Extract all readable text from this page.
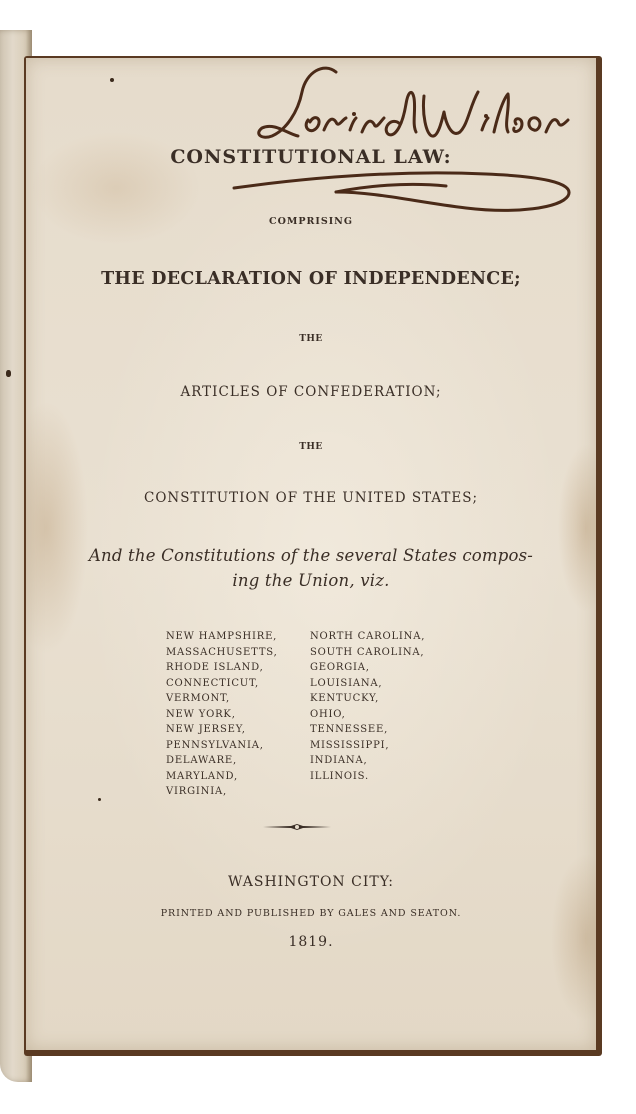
CONSTITUTIONAL LAW:
COMPRISING
THE DECLARATION OF INDEPENDENCE;
THE
ARTICLES OF CONFEDERATION;
THE
CONSTITUTION OF THE UNITED STATES;
And the Constitutions of the several States compos-
ing the Union, viz.
NEW HAMPSHIRE,
MASSACHUSETTS,
RHODE ISLAND,
CONNECTICUT,
VERMONT,
NEW YORK,
NEW JERSEY,
PENNSYLVANIA,
DELAWARE,
MARYLAND,
VIRGINIA,
NORTH CAROLINA,
SOUTH CAROLINA,
GEORGIA,
LOUISIANA,
KENTUCKY,
OHIO,
TENNESSEE,
MISSISSIPPI,
INDIANA,
ILLINOIS.
WASHINGTON CITY:
PRINTED AND PUBLISHED BY GALES AND SEATON.
1819.
